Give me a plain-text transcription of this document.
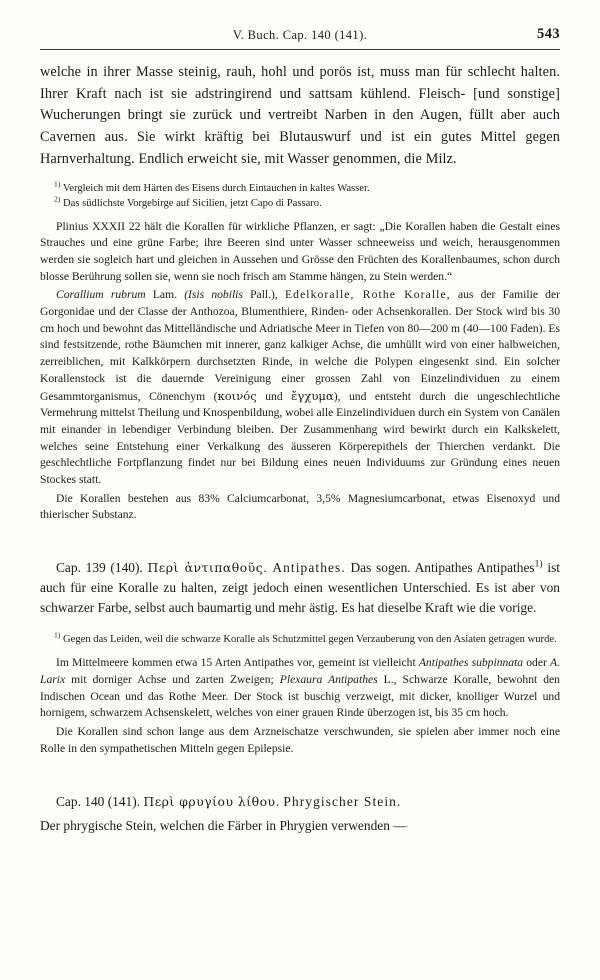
V. Buch. Cap. 140 (141).	543

welche in ihrer Masse steinig, rauh, hohl und porös ist, muss man für schlecht halten. Ihrer Kraft nach ist sie adstringirend und sattsam kühlend. Fleisch- [und sonstige] Wucherungen bringt sie zurück und vertreibt Narben in den Augen, füllt aber auch Cavernen aus. Sie wirkt kräftig bei Blutauswurf und ist ein gutes Mittel gegen Harnverhaltung. Endlich erweicht sie, mit Wasser genommen, die Milz.

$^{1)}$ Vergleich mit dem Härten des Eisens durch Eintauchen in kaltes Wasser.
$^{2)}$ Das südlichste Vorgebirge auf Sicilien, jetzt Capo di Passaro.

Plinius XXXII 22 hält die Korallen für wirkliche Pflanzen, er sagt: „Die Korallen haben die Gestalt eines Strauches und eine grüne Farbe; ihre Beeren sind unter Wasser schneeweiss und weich, herausgenommen werden sie sogleich hart und gleichen in Aussehen und Grösse den Früchten des Korallenbaumes, schon durch blosse Berührung sollen sie, wenn sie noch frisch am Stamme hängen, zu Stein werden.“

Corallium rubrum Lam. (Isis nobilis Pall.), Edelkoralle, Rothe Koralle, aus der Familie der Gorgonidae und der Classe der Anthozoa, Blumenthiere, Rinden- oder Achsenkorallen. Der Stock wird bis 30 cm hoch und bewohnt das Mittelländische und Adriatische Meer in Tiefen von 80—200 m (40—100 Faden). Es sind festsitzende, rothe Bäumchen mit innerer, ganz kalkiger Achse, die umhüllt wird von einer halbweichen, zerreiblichen, mit Kalkkörpern durchsetzten Rinde, in welche die Polypen eingesenkt sind. Ein solcher Korallenstock ist die dauernde Vereinigung einer grossen Zahl von Einzelindividuen zu einem Gesammtorganismus, Cönenchym (κοινός und ἔγχυμα), und entsteht durch die ungeschlechtliche Vermehrung mittelst Theilung und Knospenbildung, wobei alle Einzelindividuen durch ein System von Canälen mit einander in lebendiger Verbindung bleiben. Der Zusammenhang wird bewirkt durch ein Kalkskelett, welches seine Entstehung einer Verkalkung des äusseren Körperepithels der Thierchen verdankt. Die geschlechtliche Fortpflanzung findet nur bei Bildung eines neuen Individuums zur Gründung eines neuen Stockes statt.

Die Korallen bestehen aus 83% Calciumcarbonat, 3,5% Magnesiumcarbonat, etwas Eisenoxyd und thierischer Substanz.

Cap. 139 (140). Περὶ ἀντιπαθοῦς. Antipathes. Das sogen. Antipathes Antipathes$^{1)}$ ist auch für eine Koralle zu halten, zeigt jedoch einen wesentlichen Unterschied. Es ist aber von schwarzer Farbe, selbst auch baumartig und mehr ästig. Es hat dieselbe Kraft wie die vorige.

$^{1)}$ Gegen das Leiden, weil die schwarze Koralle als Schutzmittel gegen Verzauberung von den Asiaten getragen wurde.

Im Mittelmeere kommen etwa 15 Arten Antipathes vor, gemeint ist vielleicht Antipathes subpinnata oder A. Larix mit dorniger Achse und zarten Zweigen; Plexaura Antipathes L., Schwarze Koralle, bewohnt den Indischen Ocean und das Rothe Meer. Der Stock ist buschig verzweigt, mit dicker, knolliger Wurzel und hornigem, schwarzem Achsenskelett, welches von einer grauen Rinde überzogen ist, bis 35 cm hoch.

Die Korallen sind schon lange aus dem Arzneischatze verschwunden, sie spielen aber immer noch eine Rolle in den sympathetischen Mitteln gegen Epilepsie.

Cap. 140 (141). Περὶ φρυγίου λίθου. Phrygischer Stein.

Der phrygische Stein, welchen die Färber in Phrygien verwenden —
